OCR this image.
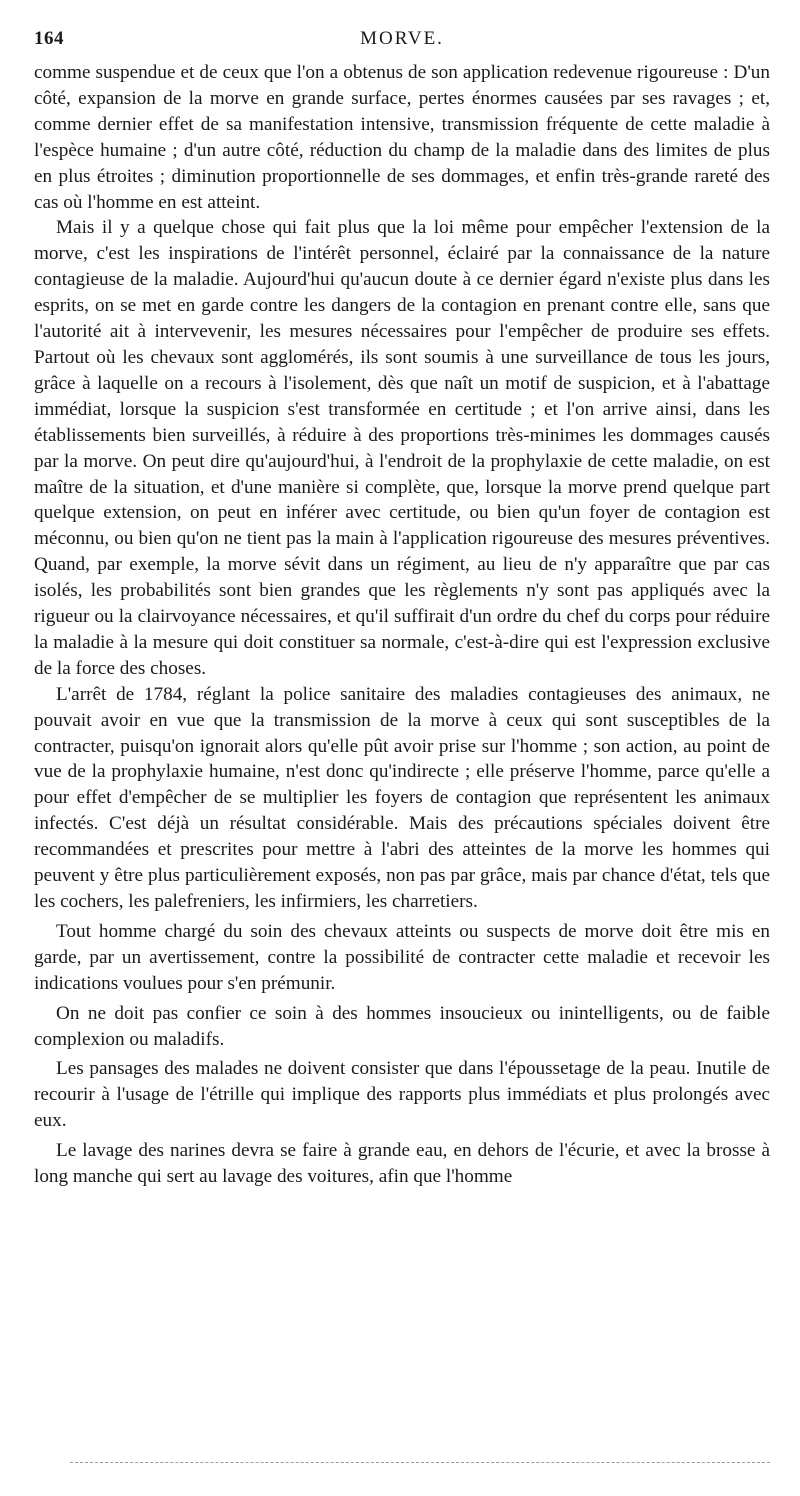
164	MORVE.

comme suspendue et de ceux que l'on a obtenus de son application redevenue rigoureuse : D'un côté, expansion de la morve en grande surface, pertes énormes causées par ses ravages ; et, comme dernier effet de sa manifestation intensive, transmission fréquente de cette maladie à l'espèce humaine ; d'un autre côté, réduction du champ de la maladie dans des limites de plus en plus étroites ; diminution proportionnelle de ses dommages, et enfin très-grande rareté des cas où l'homme en est atteint.

Mais il y a quelque chose qui fait plus que la loi même pour empêcher l'extension de la morve, c'est les inspirations de l'intérêt personnel, éclairé par la connaissance de la nature contagieuse de la maladie. Aujourd'hui qu'aucun doute à ce dernier égard n'existe plus dans les esprits, on se met en garde contre les dangers de la contagion en prenant contre elle, sans que l'autorité ait à intervevenir, les mesures nécessaires pour l'empêcher de produire ses effets. Partout où les chevaux sont agglomérés, ils sont soumis à une surveillance de tous les jours, grâce à laquelle on a recours à l'isolement, dès que naît un motif de suspicion, et à l'abattage immédiat, lorsque la suspicion s'est transformée en certitude ; et l'on arrive ainsi, dans les établissements bien surveillés, à réduire à des proportions très-minimes les dommages causés par la morve. On peut dire qu'aujourd'hui, à l'endroit de la prophylaxie de cette maladie, on est maître de la situation, et d'une manière si complète, que, lorsque la morve prend quelque part quelque extension, on peut en inférer avec certitude, ou bien qu'un foyer de contagion est méconnu, ou bien qu'on ne tient pas la main à l'application rigoureuse des mesures préventives. Quand, par exemple, la morve sévit dans un régiment, au lieu de n'y apparaître que par cas isolés, les probabilités sont bien grandes que les règlements n'y sont pas appliqués avec la rigueur ou la clairvoyance nécessaires, et qu'il suffirait d'un ordre du chef du corps pour réduire la maladie à la mesure qui doit constituer sa normale, c'est-à-dire qui est l'expression exclusive de la force des choses.

L'arrêt de 1784, réglant la police sanitaire des maladies contagieuses des animaux, ne pouvait avoir en vue que la transmission de la morve à ceux qui sont susceptibles de la contracter, puisqu'on ignorait alors qu'elle pût avoir prise sur l'homme ; son action, au point de vue de la prophylaxie humaine, n'est donc qu'indirecte ; elle préserve l'homme, parce qu'elle a pour effet d'empêcher de se multiplier les foyers de contagion que représentent les animaux infectés. C'est déjà un résultat considérable. Mais des précautions spéciales doivent être recommandées et prescrites pour mettre à l'abri des atteintes de la morve les hommes qui peuvent y être plus particulièrement exposés, non pas par grâce, mais par chance d'état, tels que les cochers, les palefreniers, les infirmiers, les charretiers.

Tout homme chargé du soin des chevaux atteints ou suspects de morve doit être mis en garde, par un avertissement, contre la possibilité de contracter cette maladie et recevoir les indications voulues pour s'en prémunir.

On ne doit pas confier ce soin à des hommes insoucieux ou inintelligents, ou de faible complexion ou maladifs.

Les pansages des malades ne doivent consister que dans l'époussetage de la peau. Inutile de recourir à l'usage de l'étrille qui implique des rapports plus immédiats et plus prolongés avec eux.

Le lavage des narines devra se faire à grande eau, en dehors de l'écurie, et avec la brosse à long manche qui sert au lavage des voitures, afin que l'homme
